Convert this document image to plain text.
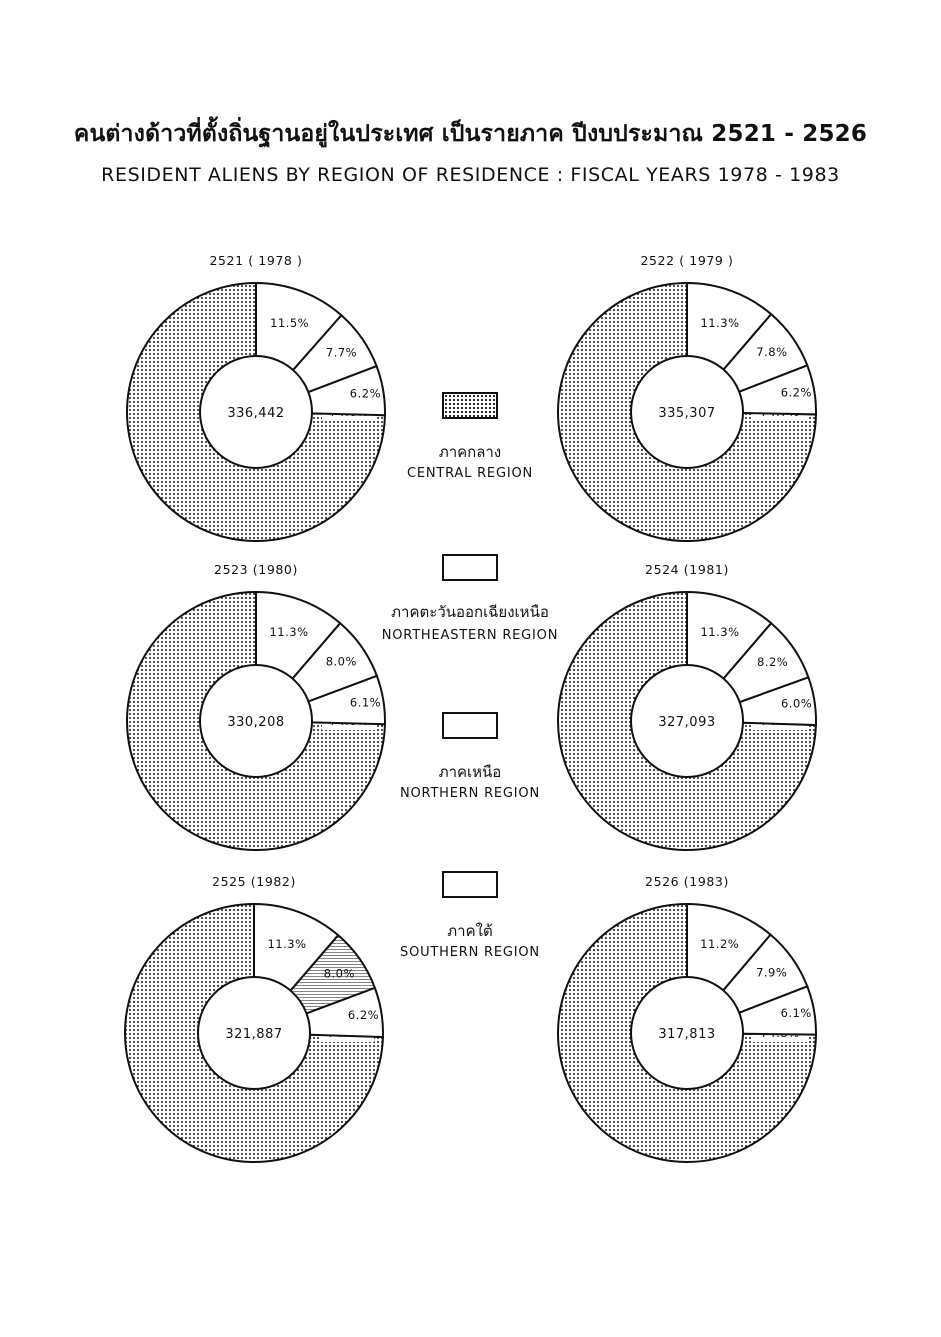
คนต่างด้าวที่ตั้งถิ่นฐานอยู่ในประเทศ เป็นรายภาค ปีงบประมาณ 2521 - 2526
RESIDENT ALIENS BY REGION OF RESIDENCE : FISCAL YEARS 1978 - 1983
6.2%
7.7%
11.5%
336,442
2521 ( 1978 )
6.2%
7.8%
11.3%
335,307
2522 ( 1979 )
6.1%
8.0%
11.3%
330,208
2523 (1980)
6.0%
8.2%
11.3%
327,093
2524 (1981)
6.2%
8.0%
11.3%
321,887
2525 (1982)
6.1%
7.9%
11.2%
317,813
2526 (1983)
ภาคกลาง
CENTRAL REGION
ภาคตะวันออกเฉียงเหนือ
NORTHEASTERN REGION
ภาคเหนือ
NORTHERN REGION
ภาคใต้
SOUTHERN REGION
